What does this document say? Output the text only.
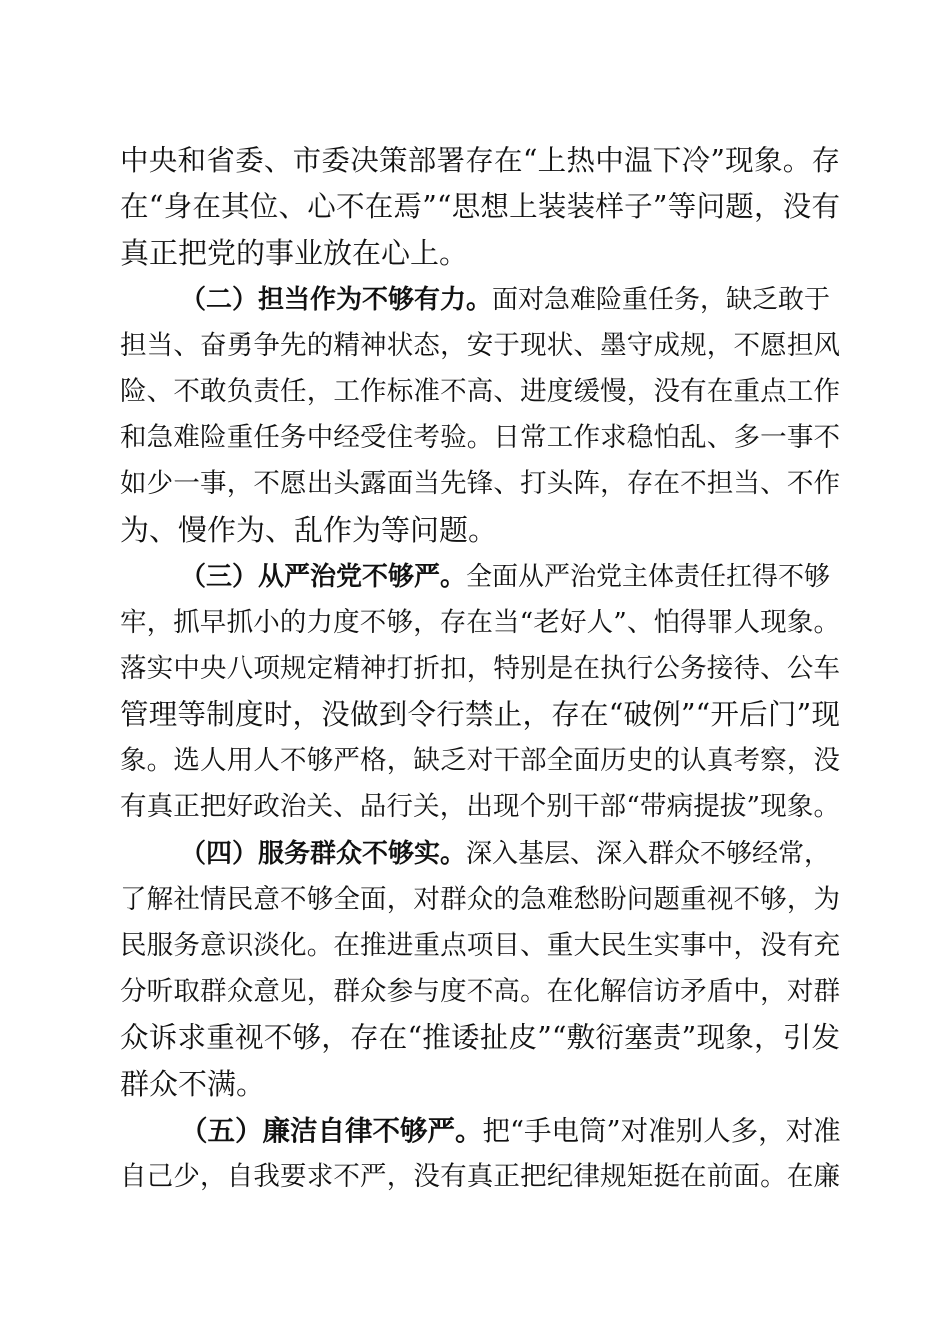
中央和省委、市委决策部署存在“上热中温下冷”现象。存
在“身在其位、心不在焉”“思想上装装样子”等问题，没有
真正把党的事业放在心上。
（二）担当作为不够有力。面对急难险重任务，缺乏敢于
担当、奋勇争先的精神状态，安于现状、墨守成规，不愿担风
险、不敢负责任，工作标准不高、进度缓慢，没有在重点工作
和急难险重任务中经受住考验。日常工作求稳怕乱、多一事不
如少一事，不愿出头露面当先锋、打头阵，存在不担当、不作
为、慢作为、乱作为等问题。
（三）从严治党不够严。全面从严治党主体责任扛得不够
牢，抓早抓小的力度不够，存在当“老好人”、怕得罪人现象。
落实中央八项规定精神打折扣，特别是在执行公务接待、公车
管理等制度时，没做到令行禁止，存在“破例”“开后门”现
象。选人用人不够严格，缺乏对干部全面历史的认真考察，没
有真正把好政治关、品行关，出现个别干部“带病提拔”现象。
（四）服务群众不够实。深入基层、深入群众不够经常，
了解社情民意不够全面，对群众的急难愁盼问题重视不够，为
民服务意识淡化。在推进重点项目、重大民生实事中，没有充
分听取群众意见，群众参与度不高。在化解信访矛盾中，对群
众诉求重视不够，存在“推诿扯皮”“敷衍塞责”现象，引发
群众不满。
（五）廉洁自律不够严。把“手电筒”对准别人多，对准
自己少，自我要求不严，没有真正把纪律规矩挺在前面。在廉
